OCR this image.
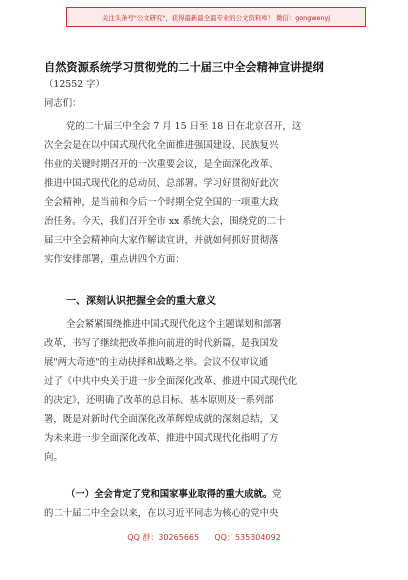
关注头条号"公文研究"，获得最新最全最专业的公文资料库！ 微信：gongwenyj
自然资源系统学习贯彻党的二十届三中全会精神宣讲提纲
（12552 字）
同志们：
党的二十届三中全会 7 月 15 日至 18 日在北京召开，这
次全会是在以中国式现代化全面推进强国建设、民族复兴
伟业的关键时期召开的一次重要会议，是全面深化改革、
推进中国式现代化的总动员、总部署。学习好贯彻好此次
全会精神，是当前和今后一个时期全党全国的一项重大政
治任务。今天，我们召开全市 xx 系统大会，围绕党的二十
届三中全会精神向大家作解读宣讲，并就如何抓好贯彻落
实作安排部署，重点讲四个方面：
一、深刻认识把握全会的重大意义
全会紧紧围绕推进中国式现代化这个主题谋划和部署
改革，书写了继续把改革推向前进的时代新篇，是我国发
展"两大奇迹"的主动抉择和战略之举。会议不仅审议通
过了《中共中央关于进一步全面深化改革、推进中国式现代化
的决定》，还明确了改革的总目标、基本原则及一系列部
署，既是对新时代全面深化改革辉煌成就的深刻总结，又
为未来进一步全面深化改革、推进中国式现代化指明了方
向。
（一）全会肯定了党和国家事业取得的重大成就。党
的二十届二中全会以来，在以习近平同志为核心的党中央
QQ 群：30265665 QQ：535304092
